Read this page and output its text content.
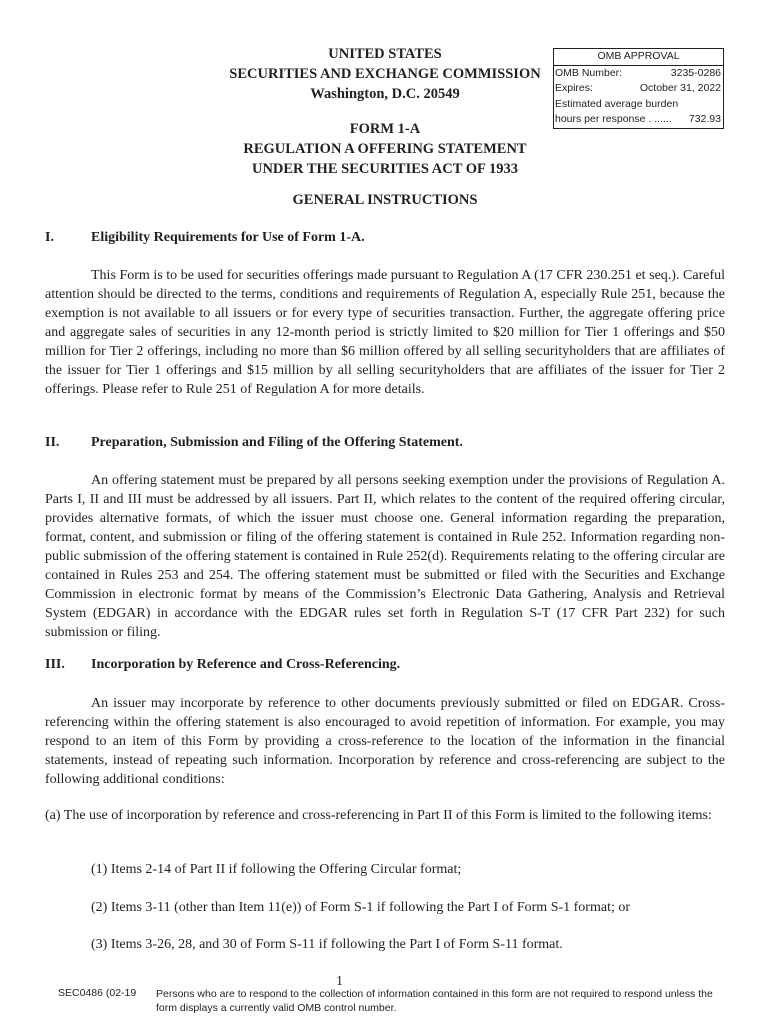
UNITED STATES
SECURITIES AND EXCHANGE COMMISSION
Washington, D.C. 20549
OMB APPROVAL
OMB Number:	3235-0286
Expires:	October 31, 2022
Estimated average burden
hours per response . ...... 732.93
FORM 1-A
REGULATION A OFFERING STATEMENT
UNDER THE SECURITIES ACT OF 1933
GENERAL INSTRUCTIONS
I.	Eligibility Requirements for Use of Form 1-A.
This Form is to be used for securities offerings made pursuant to Regulation A (17 CFR 230.251 et seq.). Careful attention should be directed to the terms, conditions and requirements of Regulation A, especially Rule 251, because the exemption is not available to all issuers or for every type of securities transaction. Further, the aggregate offering price and aggregate sales of securities in any 12-month period is strictly limited to $20 million for Tier 1 offerings and $50 million for Tier 2 offerings, including no more than $6 million offered by all selling securityholders that are affiliates of the issuer for Tier 1 offerings and $15 million by all selling securityholders that are affiliates of the issuer for Tier 2 offerings. Please refer to Rule 251 of Regulation A for more details.
II. Preparation, Submission and Filing of the Offering Statement.
An offering statement must be prepared by all persons seeking exemption under the provisions of Regulation A. Parts I, II and III must be addressed by all issuers. Part II, which relates to the content of the required offering circular, provides alternative formats, of which the issuer must choose one. General information regarding the preparation, format, content, and submission or filing of the offering statement is contained in Rule 252. Information regarding non-public submission of the offering statement is contained in Rule 252(d). Requirements relating to the offering circular are contained in Rules 253 and 254. The offering statement must be submitted or filed with the Securities and Exchange Commission in electronic format by means of the Commission’s Electronic Data Gathering, Analysis and Retrieval System (EDGAR) in accordance with the EDGAR rules set forth in Regulation S-T (17 CFR Part 232) for such submission or filing.
III. Incorporation by Reference and Cross-Referencing.
An issuer may incorporate by reference to other documents previously submitted or filed on EDGAR. Cross-referencing within the offering statement is also encouraged to avoid repetition of information. For example, you may respond to an item of this Form by providing a cross-reference to the location of the information in the financial statements, instead of repeating such information. Incorporation by reference and cross-referencing are subject to the following additional conditions:
(a) The use of incorporation by reference and cross-referencing in Part II of this Form is limited to the following items:
(1) Items 2-14 of Part II if following the Offering Circular format;
(2) Items 3-11 (other than Item 11(e)) of Form S-1 if following the Part I of Form S-1 format; or
(3) Items 3-26, 28, and 30 of Form S-11 if following the Part I of Form S-11 format.
1
SEC0486 (02-19 Persons who are to respond to the collection of information contained in this form are not required to respond unless the form displays a currently valid OMB control number.
